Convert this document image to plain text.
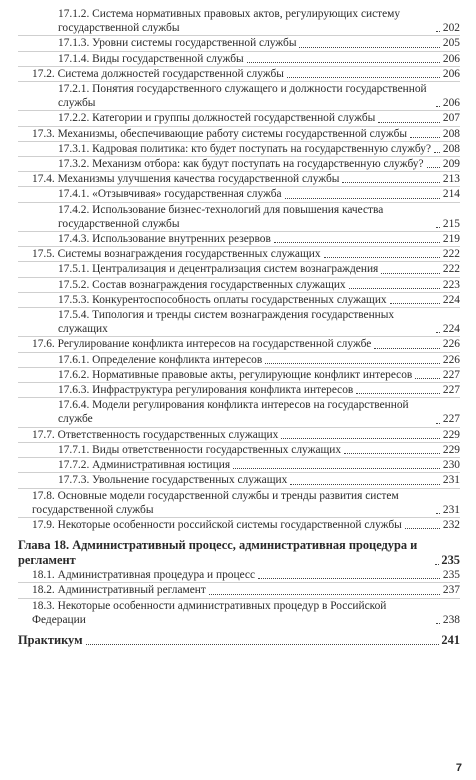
17.1.2. Система нормативных правовых актов, регулирующих систему государственной службы	202
17.1.3. Уровни системы государственной службы	205
17.1.4. Виды государственной службы	206
17.2. Система должностей государственной службы	206
17.2.1. Понятия государственного служащего и должности государственной службы	206
17.2.2. Категории и группы должностей государственной службы	207
17.3. Механизмы, обеспечивающие работу системы государственной службы	208
17.3.1. Кадровая политика: кто будет поступать на государственную службу? 208
17.3.2. Механизм отбора: как будут поступать на государственную службу? 209
17.4. Механизмы улучшения качества государственной службы	213
17.4.1. «Отзывчивая» государственная служба	214
17.4.2. Использование бизнес-технологий для повышения качества государственной службы	215
17.4.3. Использование внутренних резервов	219
17.5. Системы вознаграждения государственных служащих	222
17.5.1. Централизация и децентрализация систем вознаграждения	222
17.5.2. Состав вознаграждения государственных служащих	223
17.5.3. Конкурентоспособность оплаты государственных служащих	224
17.5.4. Типология и тренды систем вознаграждения государственных служащих	224
17.6. Регулирование конфликта интересов на государственной службе	226
17.6.1. Определение конфликта интересов	226
17.6.2. Нормативные правовые акты, регулирующие конфликт интересов	227
17.6.3. Инфраструктура регулирования конфликта интересов	227
17.6.4. Модели регулирования конфликта интересов на государственной службе	227
17.7. Ответственность государственных служащих	229
17.7.1. Виды ответственности государственных служащих	229
17.7.2. Административная юстиция	230
17.7.3. Увольнение государственных служащих	231
17.8. Основные модели государственной службы и тренды развития систем государственной службы	231
17.9. Некоторые особенности российской системы государственной службы	232
Глава 18. Административный процесс, административная процедура и регламент	235
18.1. Административная процедура и процесс	235
18.2. Административный регламент	237
18.3. Некоторые особенности административных процедур в Российской Федерации	238
Практикум	241
7
